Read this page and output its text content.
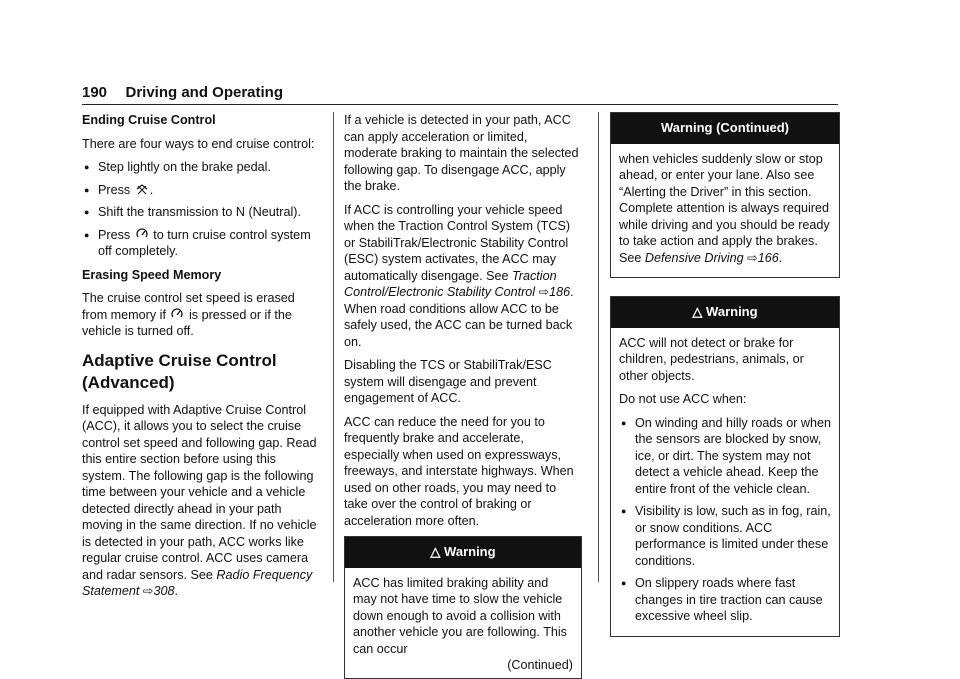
190 Driving and Operating

Ending Cruise Control

There are four ways to end cruise control:

● Step lightly on the brake pedal.
● Press .
● Shift the transmission to N (Neutral).
● Press to turn cruise control system off completely.

Erasing Speed Memory

The cruise control set speed is erased from memory if is pressed or if the vehicle is turned off.

Adaptive Cruise Control (Advanced)

If equipped with Adaptive Cruise Control (ACC), it allows you to select the cruise control set speed and following gap. Read this entire section before using this system. The following gap is the following time between your vehicle and a vehicle detected directly ahead in your path moving in the same direction. If no vehicle is detected in your path, ACC works like regular cruise control. ACC uses camera and radar sensors. See Radio Frequency Statement ⇨308.

If a vehicle is detected in your path, ACC can apply acceleration or limited, moderate braking to maintain the selected following gap. To disengage ACC, apply the brake.

If ACC is controlling your vehicle speed when the Traction Control System (TCS) or StabiliTrak/Electronic Stability Control (ESC) system activates, the ACC may automatically disengage. See Traction Control/Electronic Stability Control ⇨186. When road conditions allow ACC to be safely used, the ACC can be turned back on.

Disabling the TCS or StabiliTrak/ESC system will disengage and prevent engagement of ACC.

ACC can reduce the need for you to frequently brake and accelerate, especially when used on expressways, freeways, and interstate highways. When used on other roads, you may need to take over the control of braking or acceleration more often.

△ Warning

ACC has limited braking ability and may not have time to slow the vehicle down enough to avoid a collision with another vehicle you are following. This can occur

(Continued)
Warning (Continued)

when vehicles suddenly slow or stop ahead, or enter your lane. Also see “Alerting the Driver” in this section. Complete attention is always required while driving and you should be ready to take action and apply the brakes. See Defensive Driving ⇨166.

△ Warning

ACC will not detect or brake for children, pedestrians, animals, or other objects.

Do not use ACC when:

● On winding and hilly roads or when the sensors are blocked by snow, ice, or dirt. The system may not detect a vehicle ahead. Keep the entire front of the vehicle clean.
● Visibility is low, such as in fog, rain, or snow conditions. ACC performance is limited under these conditions.
● On slippery roads where fast changes in tire traction can cause excessive wheel slip.
